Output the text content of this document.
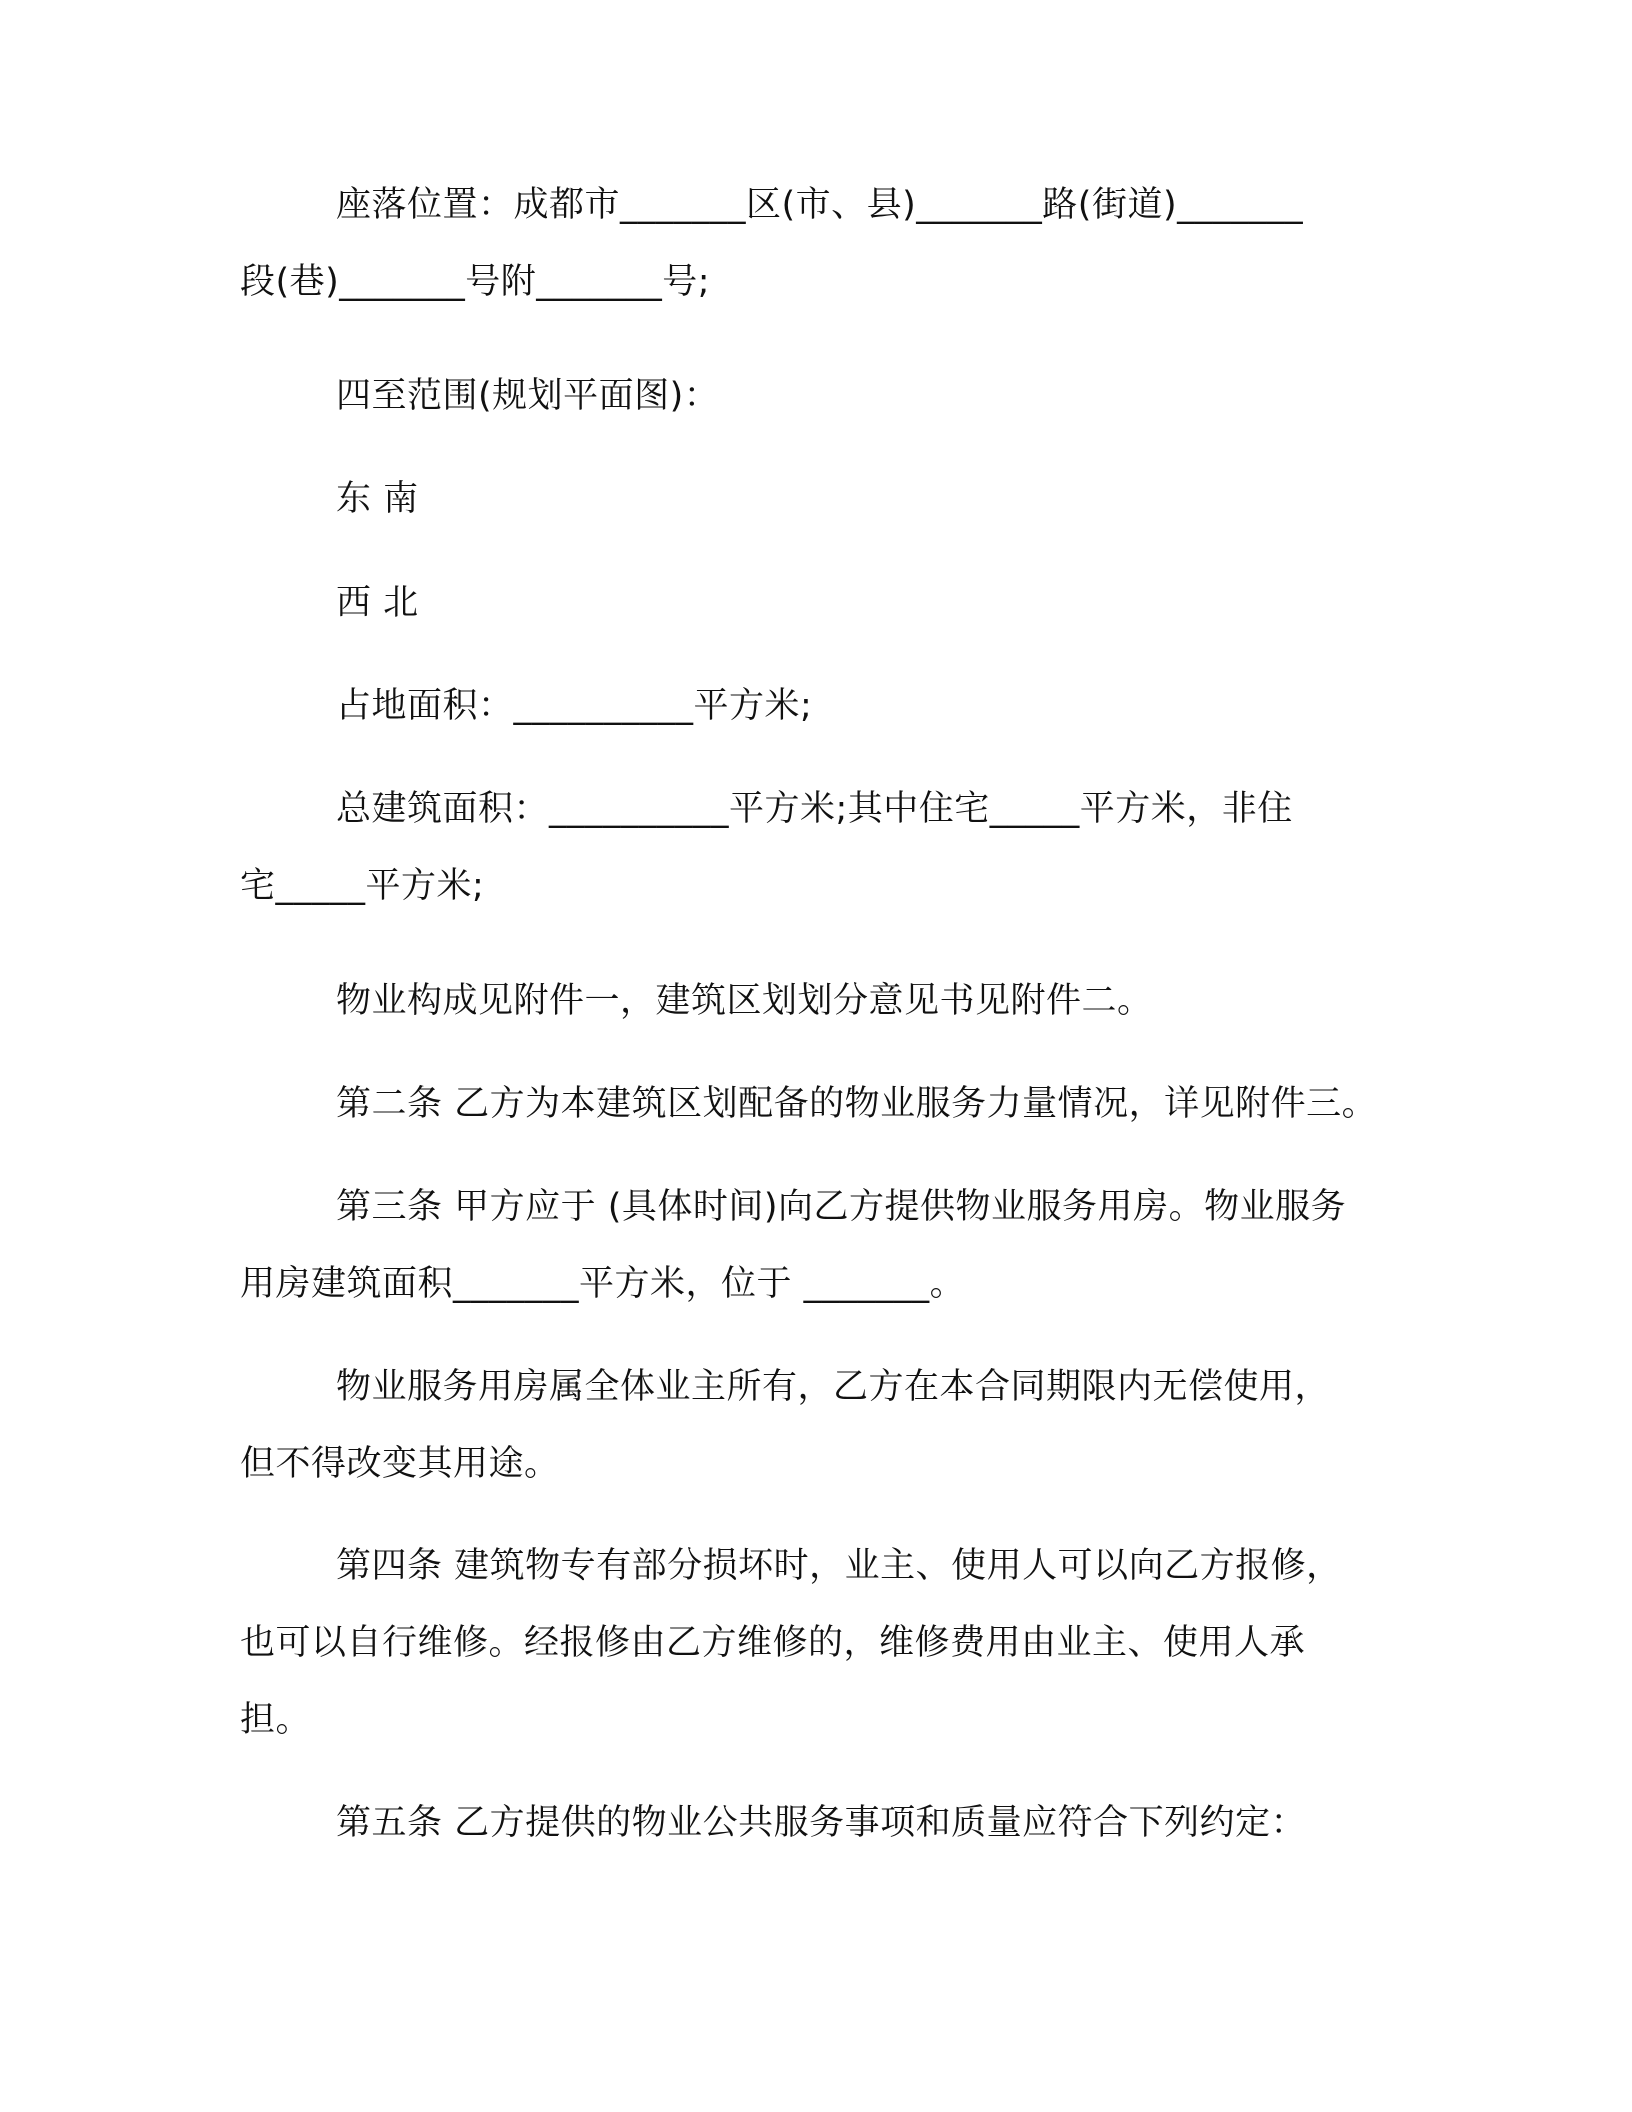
座落位置：成都市_______区(市、县)_______路(街道)_______
段(巷)_______号附_______号;
四至范围(规划平面图)：
东 南
西 北
占地面积：__________平方米;
总建筑面积：__________平方米;其中住宅_____平方米，非住
宅_____平方米;
物业构成见附件一，建筑区划划分意见书见附件二。
第二条 乙方为本建筑区划配备的物业服务力量情况，详见附件三。
第三条 甲方应于 (具体时间)向乙方提供物业服务用房。物业服务
用房建筑面积_______平方米，位于 _______。
物业服务用房属全体业主所有，乙方在本合同期限内无偿使用，
但不得改变其用途。
第四条 建筑物专有部分损坏时，业主、使用人可以向乙方报修，
也可以自行维修。经报修由乙方维修的，维修费用由业主、使用人承
担。
第五条 乙方提供的物业公共服务事项和质量应符合下列约定：
